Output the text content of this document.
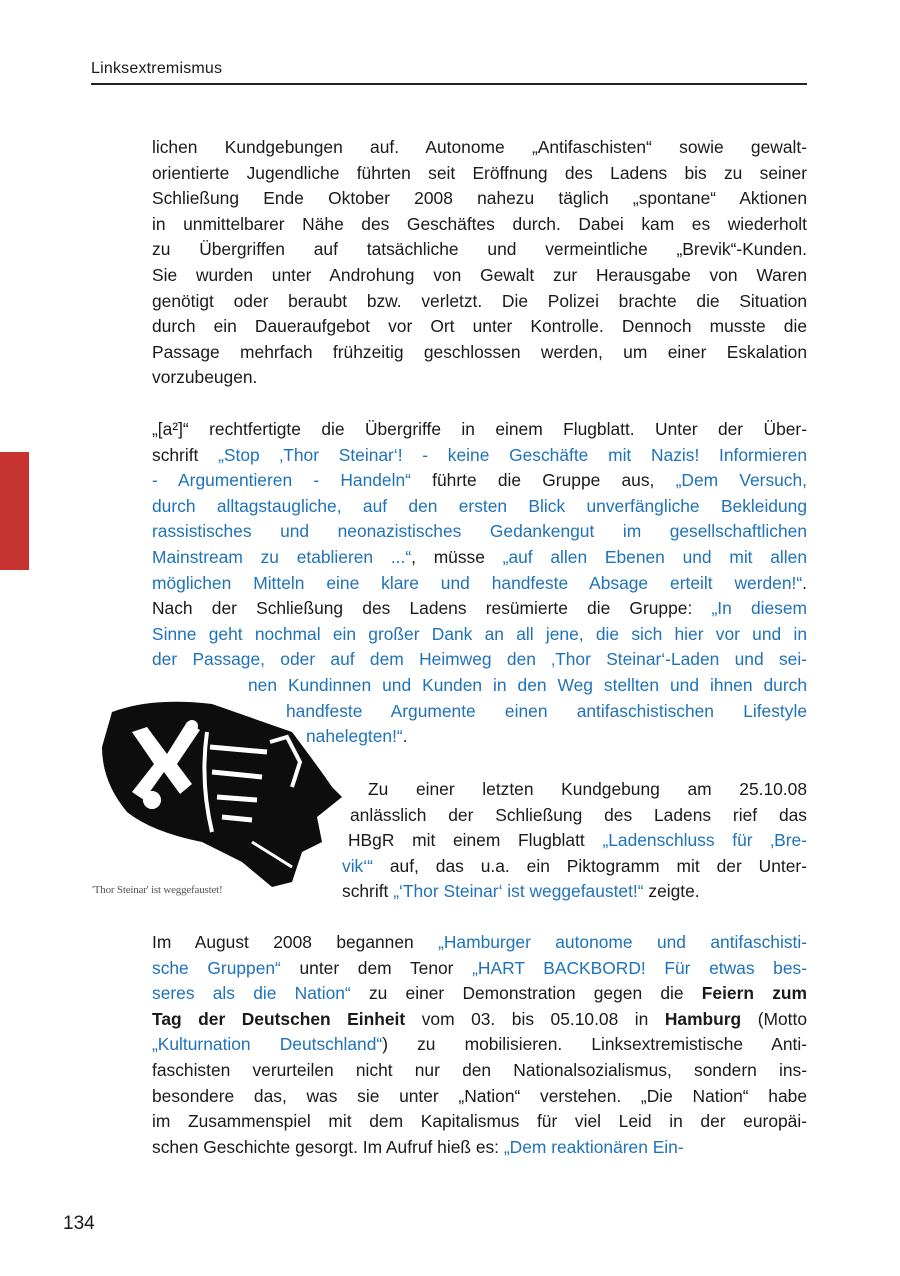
Linksextremismus
lichen Kundgebungen auf. Autonome „Antifaschisten“ sowie gewalt-
orientierte Jugendliche führten seit Eröffnung des Ladens bis zu seiner
Schließung Ende Oktober 2008 nahezu täglich „spontane“ Aktionen
in unmittelbarer Nähe des Geschäftes durch. Dabei kam es wiederholt
zu Übergriffen auf tatsächliche und vermeintliche „Brevik“-Kunden.
Sie wurden unter Androhung von Gewalt zur Herausgabe von Waren
genötigt oder beraubt bzw. verletzt. Die Polizei brachte die Situation
durch ein Daueraufgebot vor Ort unter Kontrolle. Dennoch musste die
Passage mehrfach frühzeitig geschlossen werden, um einer Eskalation
vorzubeugen.
„[a²]“ rechtfertigte die Übergriffe in einem Flugblatt. Unter der Über-
schrift „Stop ‚Thor Steinar‘! - keine Geschäfte mit Nazis! Informieren
- Argumentieren - Handeln“ führte die Gruppe aus, „Dem Versuch,
durch alltagstaugliche, auf den ersten Blick unverfängliche Bekleidung
rassistisches und neonazistisches Gedankengut im gesellschaftlichen
Mainstream zu etablieren ...“, müsse „auf allen Ebenen und mit allen
möglichen Mitteln eine klare und handfeste Absage erteilt werden!“.
Nach der Schließung des Ladens resümierte die Gruppe: „In diesem
Sinne geht nochmal ein großer Dank an all jene, die sich hier vor und in
der Passage, oder auf dem Heimweg den ‚Thor Steinar‘-Laden und sei-
nen Kundinnen und Kunden in den Weg stellten und ihnen durch
handfeste Argumente einen antifaschistischen Lifestyle
nahelegten!“.
'Thor Steinar' ist weggefaustet!
Zu einer letzten Kundgebung am 25.10.08
anlässlich der Schließung des Ladens rief das
HBgR mit einem Flugblatt „Ladenschluss für ‚Bre-
vik‘“ auf, das u.a. ein Piktogramm mit der Unter-
schrift „‘Thor Steinar‘ ist weggefaustet!“ zeigte.
Im August 2008 begannen „Hamburger autonome und antifaschisti-
sche Gruppen“ unter dem Tenor „HART BACKBORD! Für etwas bes-
seres als die Nation“ zu einer Demonstration gegen die Feiern zum
Tag der Deutschen Einheit vom 03. bis 05.10.08 in Hamburg (Motto
„Kulturnation Deutschland“) zu mobilisieren. Linksextremistische Anti-
faschisten verurteilen nicht nur den Nationalsozialismus, sondern ins-
besondere das, was sie unter „Nation“ verstehen. „Die Nation“ habe
im Zusammenspiel mit dem Kapitalismus für viel Leid in der europäi-
schen Geschichte gesorgt. Im Aufruf hieß es: „Dem reaktionären Ein-
134
